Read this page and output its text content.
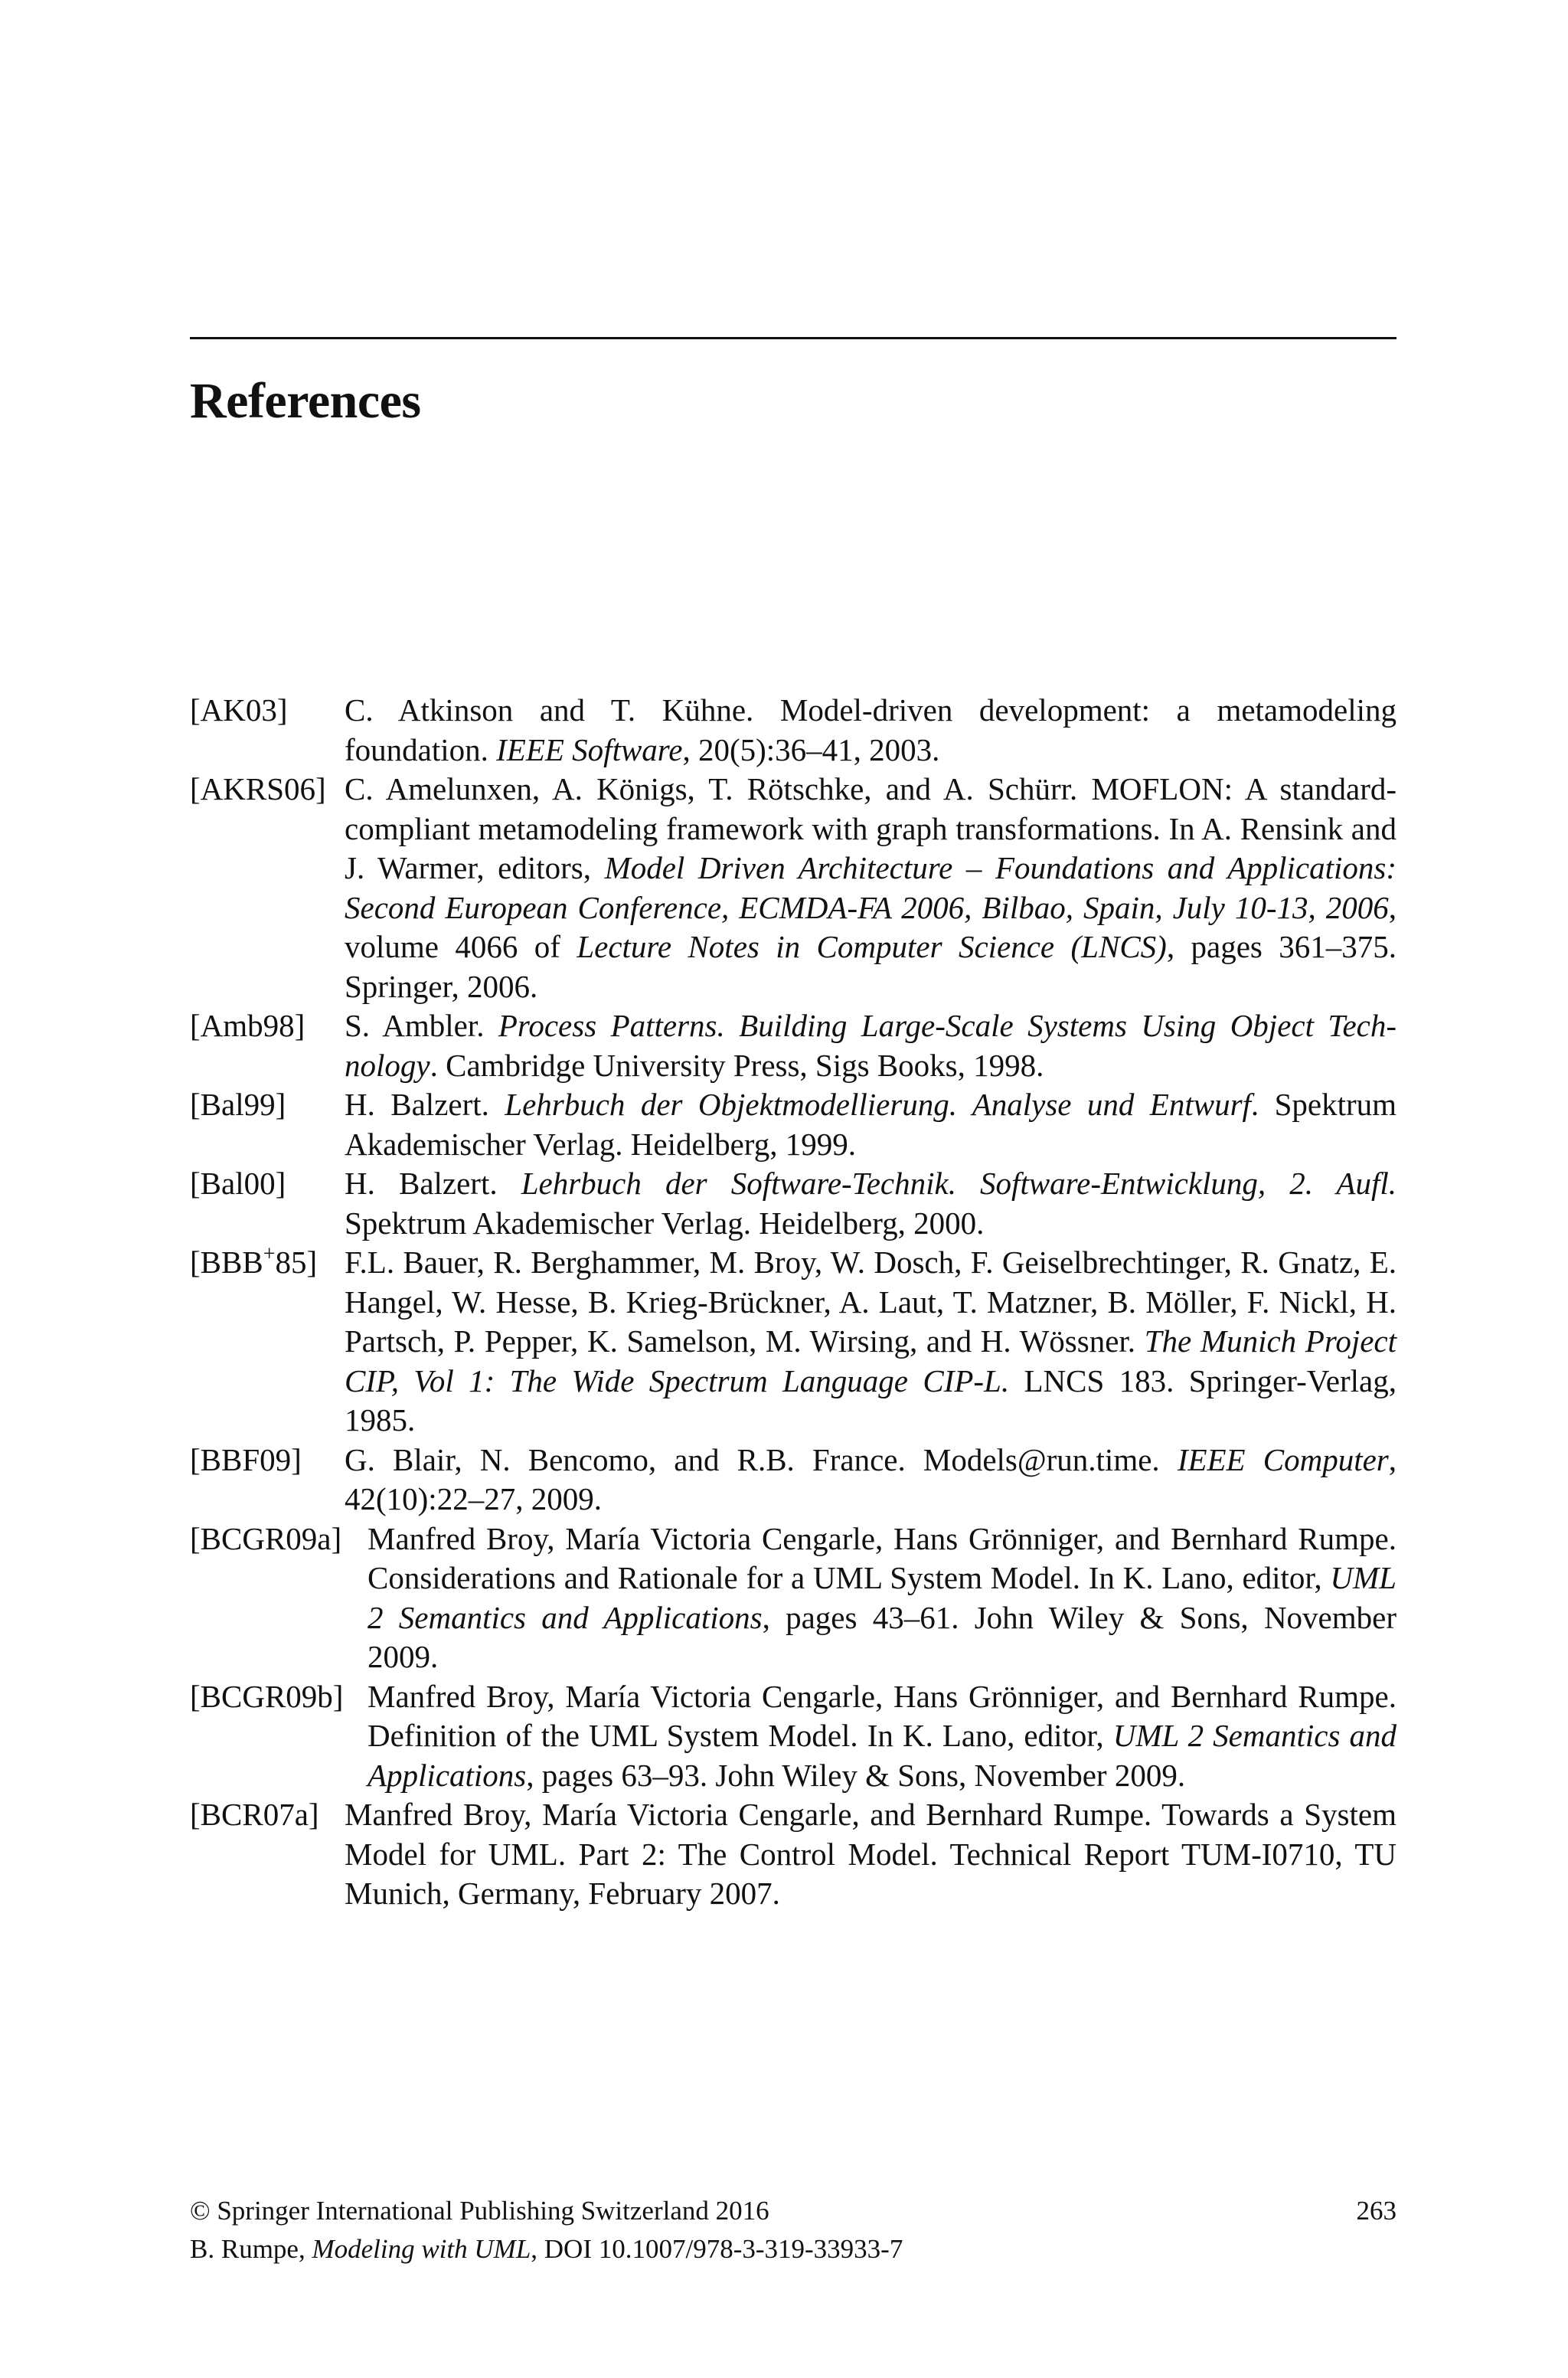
References
[AK03] C. Atkinson and T. Kühne. Model-driven development: a metamodeling foundation. IEEE Software, 20(5):36–41, 2003.
[AKRS06] C. Amelunxen, A. Königs, T. Rötschke, and A. Schürr. MOFLON: A standard-compliant metamodeling framework with graph transformations. In A. Rensink and J. Warmer, editors, Model Driven Architecture – Foundations and Applications: Second European Conference, ECMDA-FA 2006, Bilbao, Spain, July 10-13, 2006, volume 4066 of Lecture Notes in Computer Science (LNCS), pages 361–375. Springer, 2006.
[Amb98] S. Ambler. Process Patterns. Building Large-Scale Systems Using Object Technology. Cambridge University Press, Sigs Books, 1998.
[Bal99] H. Balzert. Lehrbuch der Objektmodellierung. Analyse und Entwurf. Spektrum Akademischer Verlag. Heidelberg, 1999.
[Bal00] H. Balzert. Lehrbuch der Software-Technik. Software-Entwicklung, 2. Aufl. Spektrum Akademischer Verlag. Heidelberg, 2000.
[BBB+85] F.L. Bauer, R. Berghammer, M. Broy, W. Dosch, F. Geiselbrechtinger, R. Gnatz, E. Hangel, W. Hesse, B. Krieg-Brückner, A. Laut, T. Matzner, B. Möller, F. Nickl, H. Partsch, P. Pepper, K. Samelson, M. Wirsing, and H. Wössner. The Munich Project CIP, Vol 1: The Wide Spectrum Language CIP-L. LNCS 183. Springer-Verlag, 1985.
[BBF09] G. Blair, N. Bencomo, and R.B. France. Models@run.time. IEEE Computer, 42(10):22–27, 2009.
[BCGR09a] Manfred Broy, María Victoria Cengarle, Hans Grönniger, and Bernhard Rumpe. Considerations and Rationale for a UML System Model. In K. Lano, editor, UML 2 Semantics and Applications, pages 43–61. John Wiley & Sons, November 2009.
[BCGR09b] Manfred Broy, María Victoria Cengarle, Hans Grönniger, and Bernhard Rumpe. Definition of the UML System Model. In K. Lano, editor, UML 2 Semantics and Applications, pages 63–93. John Wiley & Sons, November 2009.
[BCR07a] Manfred Broy, María Victoria Cengarle, and Bernhard Rumpe. Towards a System Model for UML. Part 2: The Control Model. Technical Report TUM-I0710, TU Munich, Germany, February 2007.
© Springer International Publishing Switzerland 2016	263
B. Rumpe, Modeling with UML, DOI 10.1007/978-3-319-33933-7
